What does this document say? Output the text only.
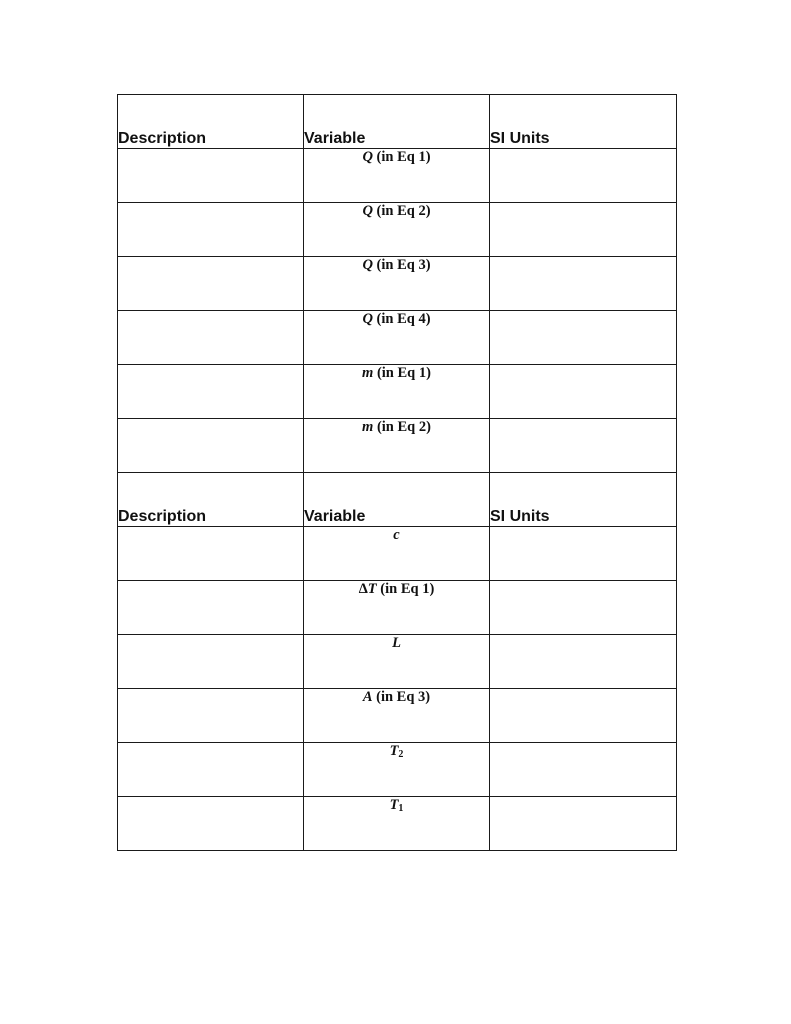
Description	Variable	SI Units
	Q (in Eq 1)	
	Q (in Eq 2)	
	Q (in Eq 3)	
	Q (in Eq 4)	
	m (in Eq 1)	
	m (in Eq 2)	
Description	Variable	SI Units
	c	
	ΔT (in Eq 1)	
	L	
	A (in Eq 3)	
	$T_2$	
	$T_1$	
